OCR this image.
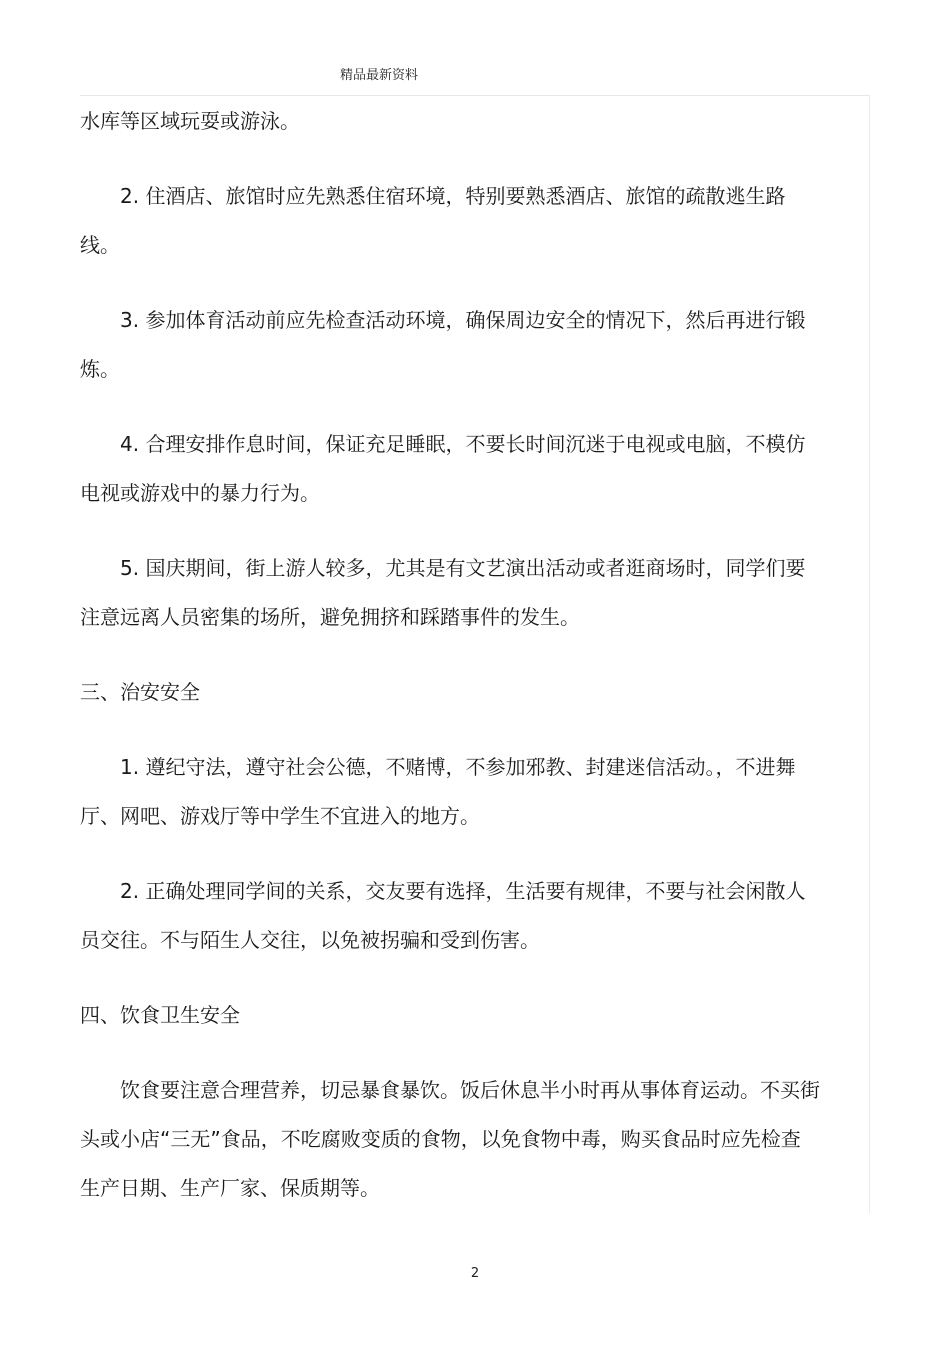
精品最新资料

水库等区域玩耍或游泳。

2. 住酒店、旅馆时应先熟悉住宿环境，特别要熟悉酒店、旅馆的疏散逃生路线。

3. 参加体育活动前应先检查活动环境，确保周边安全的情况下，然后再进行锻炼。

4. 合理安排作息时间，保证充足睡眠，不要长时间沉迷于电视或电脑，不模仿电视或游戏中的暴力行为。

5. 国庆期间，街上游人较多，尤其是有文艺演出活动或者逛商场时，同学们要注意远离人员密集的场所，避免拥挤和踩踏事件的发生。

三、治安安全

1. 遵纪守法，遵守社会公德，不赌博，不参加邪教、封建迷信活动。，不进舞厅、网吧、游戏厅等中学生不宜进入的地方。

2. 正确处理同学间的关系，交友要有选择，生活要有规律，不要与社会闲散人员交往。不与陌生人交往，以免被拐骗和受到伤害。

四、饮食卫生安全

饮食要注意合理营养，切忌暴食暴饮。饭后休息半小时再从事体育运动。不买街头或小店“三无”食品，不吃腐败变质的食物，以免食物中毒，购买食品时应先检查生产日期、生产厂家、保质期等。

2
